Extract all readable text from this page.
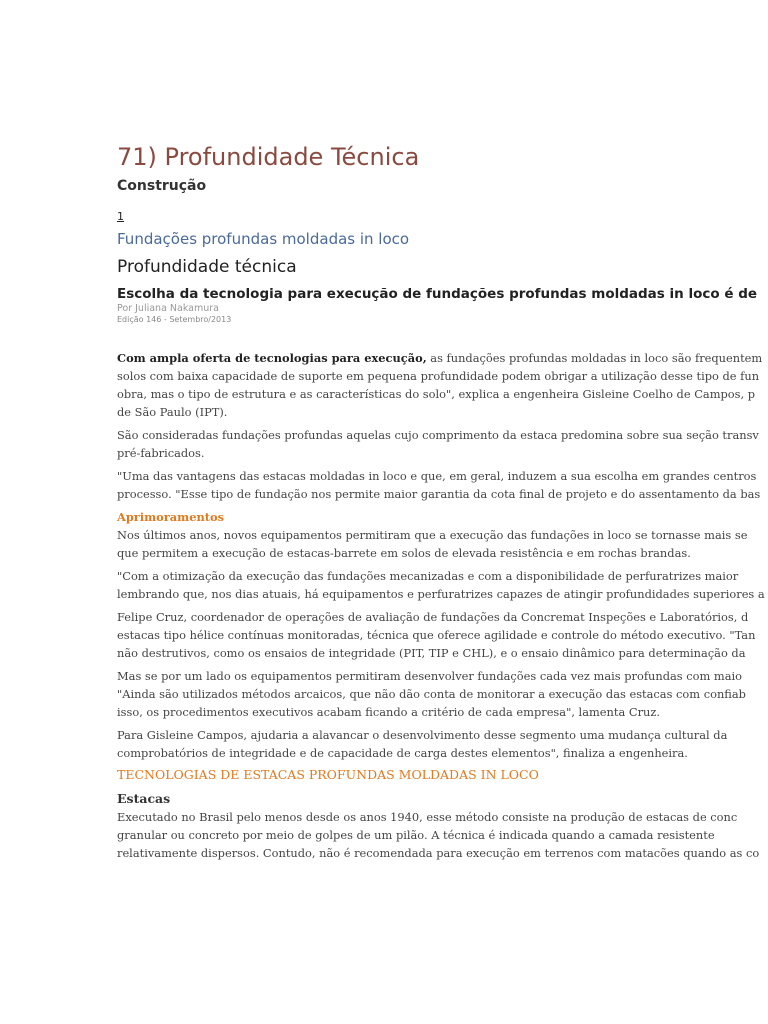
71) Profundidade Técnica
Construção
1
Fundações profundas moldadas in loco
Profundidade técnica
Escolha da tecnologia para execução de fundações profundas moldadas in loco é de
Por Juliana Nakamura
Edição 146 - Setembro/2013
Com ampla oferta de tecnologias para execução, as fundações profundas moldadas in loco são frequentem
solos com baixa capacidade de suporte em pequena profundidade podem obrigar a utilização desse tipo de fun
obra, mas o tipo de estrutura e as características do solo", explica a engenheira Gisleine Coelho de Campos, p
de São Paulo (IPT).
São consideradas fundações profundas aquelas cujo comprimento da estaca predomina sobre sua seção transv
pré-fabricados.
"Uma das vantagens das estacas moldadas in loco e que, em geral, induzem a sua escolha em grandes centros
processo. "Esse tipo de fundação nos permite maior garantia da cota final de projeto e do assentamento da bas
Aprimoramentos
Nos últimos anos, novos equipamentos permitiram que a execução das fundações in loco se tornasse mais se
que permitem a execução de estacas-barrete em solos de elevada resistência e em rochas brandas.
"Com a otimização da execução das fundações mecanizadas e com a disponibilidade de perfuratrizes maior
lembrando que, nos dias atuais, há equipamentos e perfuratrizes capazes de atingir profundidades superiores a
Felipe Cruz, coordenador de operações de avaliação de fundações da Concremat Inspeções e Laboratórios, d
estacas tipo hélice contínuas monitoradas, técnica que oferece agilidade e controle do método executivo. "Tan
não destrutivos, como os ensaios de integridade (PIT, TIP e CHL), e o ensaio dinâmico para determinação da
Mas se por um lado os equipamentos permitiram desenvolver fundações cada vez mais profundas com maio
"Ainda são utilizados métodos arcaicos, que não dão conta de monitorar a execução das estacas com confiab
isso, os procedimentos executivos acabam ficando a critério de cada empresa", lamenta Cruz.
Para Gisleine Campos, ajudaria a alavancar o desenvolvimento desse segmento uma mudança cultural da
comprobatórios de integridade e de capacidade de carga destes elementos", finaliza a engenheira.
TECNOLOGIAS DE ESTACAS PROFUNDAS MOLDADAS IN LOCO
Estacas
Executado no Brasil pelo menos desde os anos 1940, esse método consiste na produção de estacas de conc
granular ou concreto por meio de golpes de um pilão. A técnica é indicada quando a camada resistente
relativamente dispersos. Contudo, não é recomendada para execução em terrenos com matacões quando as co
